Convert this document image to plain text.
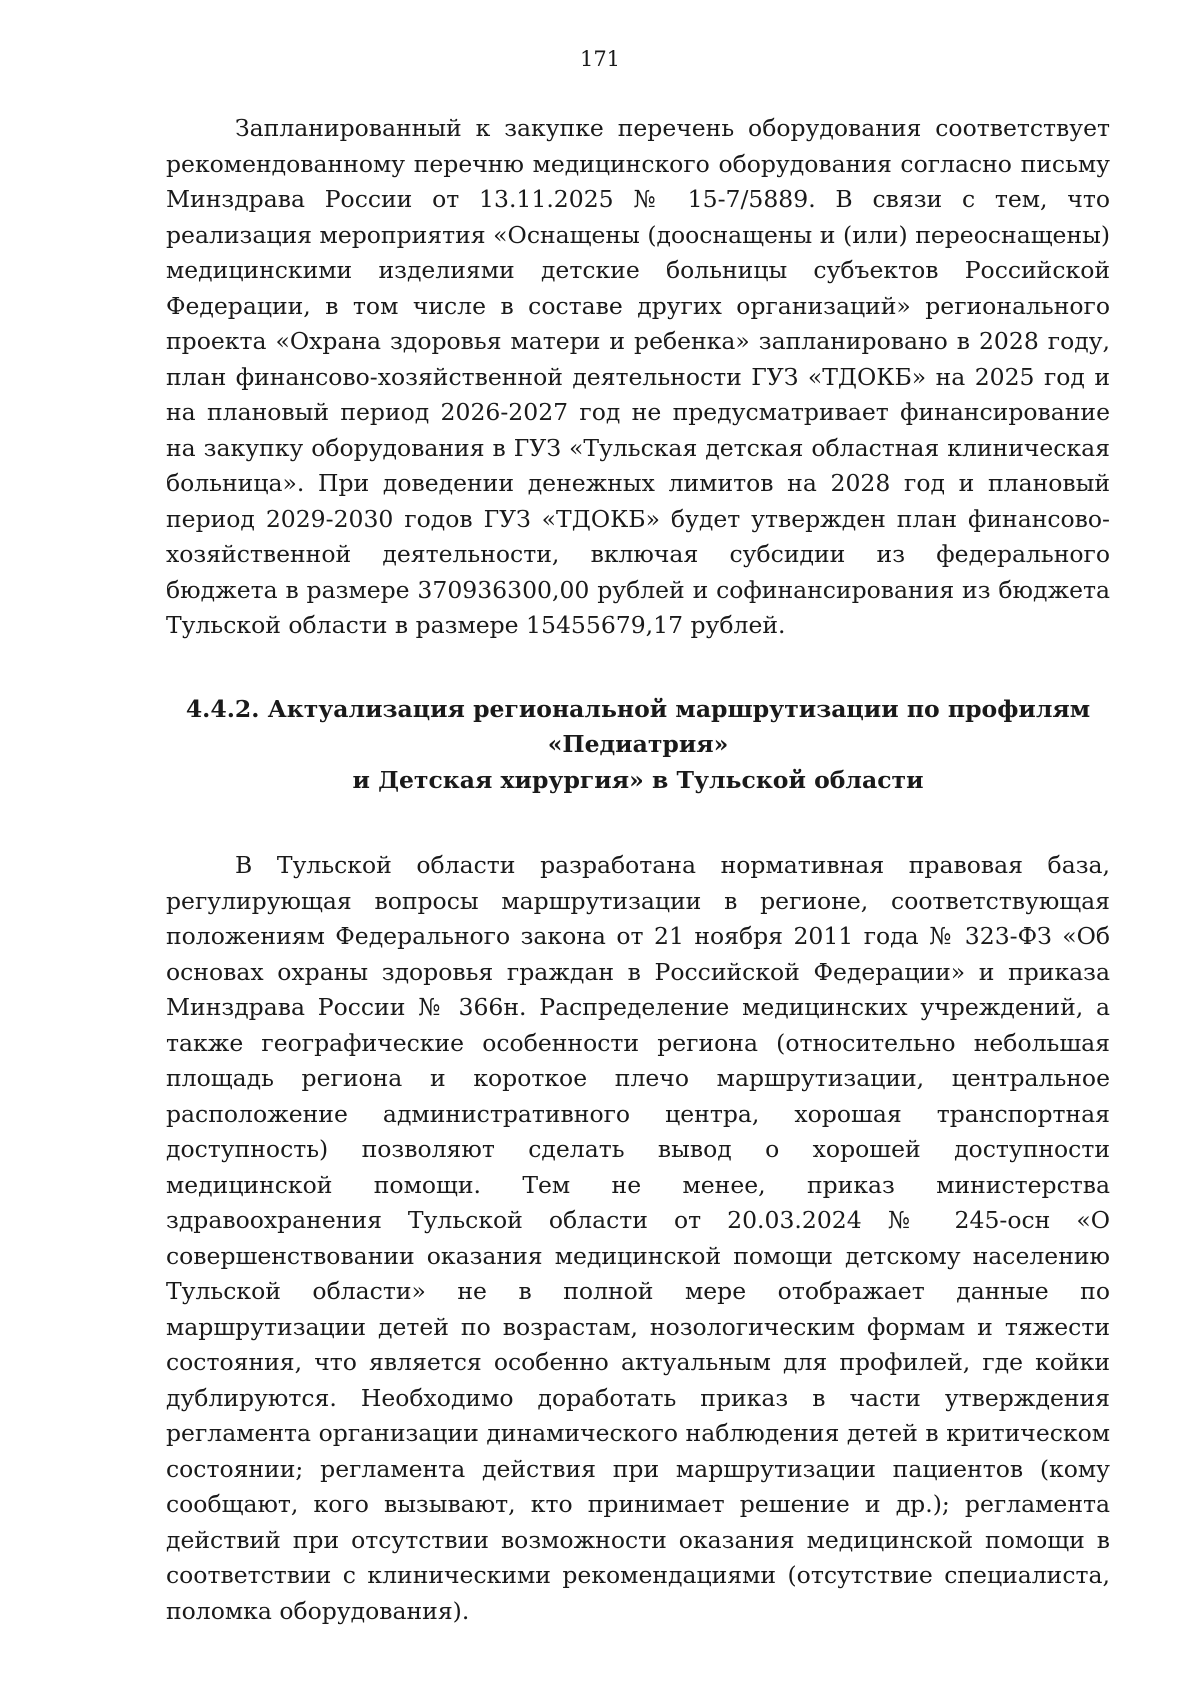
171

Запланированный к закупке перечень оборудования соответствует рекомендованному перечню медицинского оборудования согласно письму Минздрава России от 13.11.2025 № 15-7/5889. В связи с тем, что реализация мероприятия «Оснащены (дооснащены и (или) переоснащены) медицинскими изделиями детские больницы субъектов Российской Федерации, в том числе в составе других организаций» регионального проекта «Охрана здоровья матери и ребенка» запланировано в 2028 году, план финансово-хозяйственной деятельности ГУЗ «ТДОКБ» на 2025 год и на плановый период 2026-2027 год не предусматривает финансирование на закупку оборудования в ГУЗ «Тульская детская областная клиническая больница». При доведении денежных лимитов на 2028 год и плановый период 2029-2030 годов ГУЗ «ТДОКБ» будет утвержден план финансово-хозяйственной деятельности, включая субсидии из федерального бюджета в размере 370936300,00 рублей и софинансирования из бюджета Тульской области в размере 15455679,17 рублей.

4.4.2. Актуализация региональной маршрутизации по профилям «Педиатрия»
и Детская хирургия» в Тульской области

В Тульской области разработана нормативная правовая база, регулирующая вопросы маршрутизации в регионе, соответствующая положениям Федерального закона от 21 ноября 2011 года № 323-ФЗ «Об основах охраны здоровья граждан в Российской Федерации» и приказа Минздрава России № 366н. Распределение медицинских учреждений, а также географические особенности региона (относительно небольшая площадь региона и короткое плечо маршрутизации, центральное расположение административного центра, хорошая транспортная доступность) позволяют сделать вывод о хорошей доступности медицинской помощи. Тем не менее, приказ министерства здравоохранения Тульской области от 20.03.2024 № 245-осн «О совершенствовании оказания медицинской помощи детскому населению Тульской области» не в полной мере отображает данные по маршрутизации детей по возрастам, нозологическим формам и тяжести состояния, что является особенно актуальным для профилей, где койки дублируются. Необходимо доработать приказ в части утверждения регламента организации динамического наблюдения детей в критическом состоянии; регламента действия при маршрутизации пациентов (кому сообщают, кого вызывают, кто принимает решение и др.); регламента действий при отсутствии возможности оказания медицинской помощи в соответствии с клиническими рекомендациями (отсутствие специалиста, поломка оборудования).
